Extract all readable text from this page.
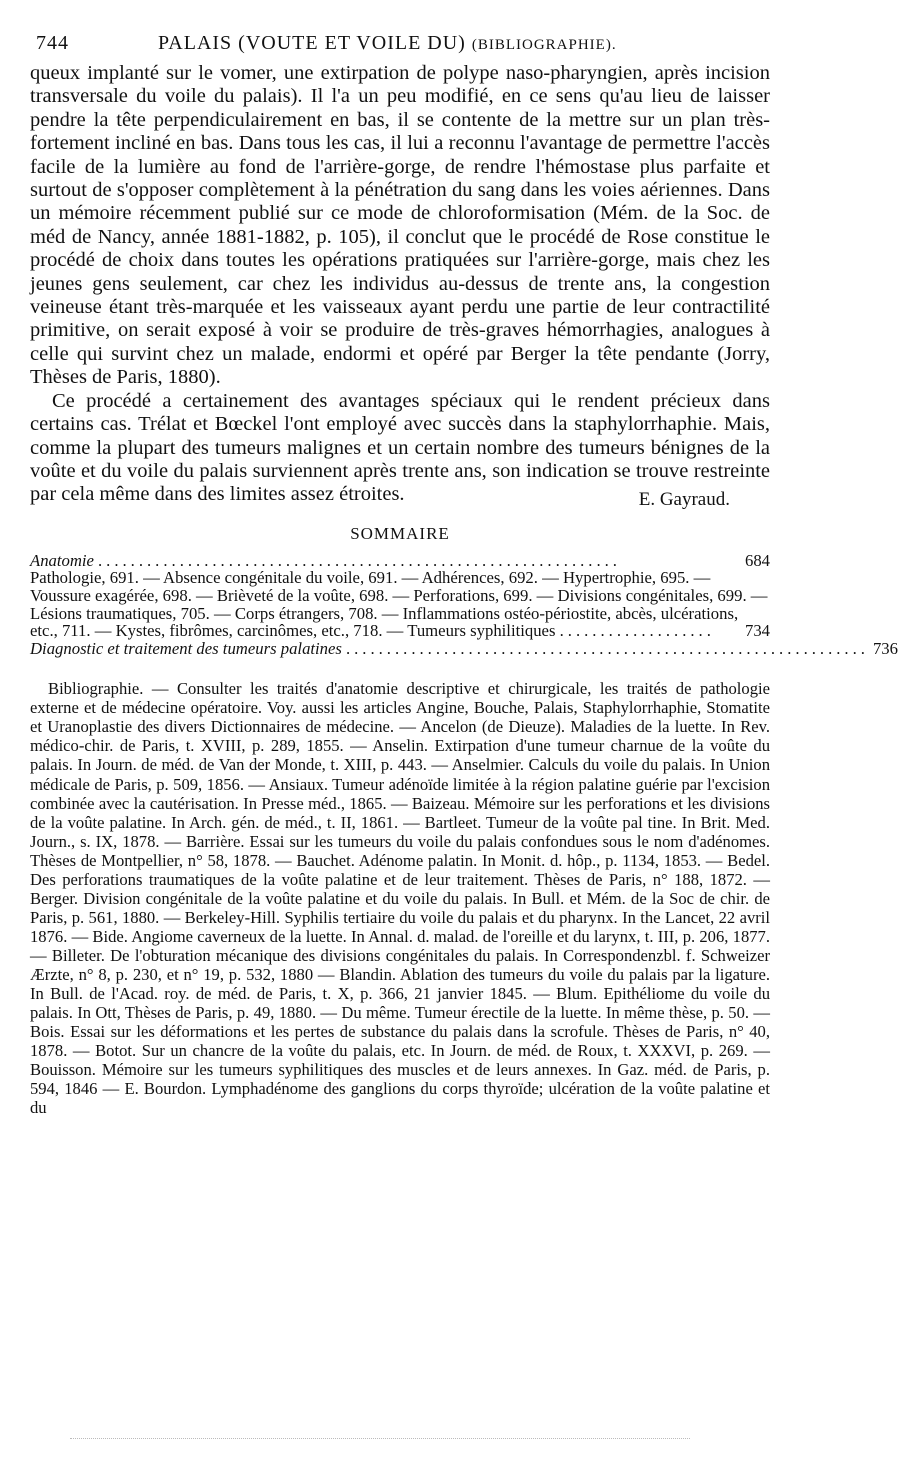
744	PALAIS (VOUTE ET VOILE DU) (BIBLIOGRAPHIE).

queux implanté sur le vomer, une extirpation de polype naso-pharyngien, après incision transversale du voile du palais). Il l'a un peu modifié, en ce sens qu'au lieu de laisser pendre la tête perpendiculairement en bas, il se contente de la mettre sur un plan très-fortement incliné en bas. Dans tous les cas, il lui a reconnu l'avantage de permettre l'accès facile de la lumière au fond de l'arrière-gorge, de rendre l'hémostase plus parfaite et surtout de s'opposer complètement à la pénétration du sang dans les voies aériennes. Dans un mémoire récemment publié sur ce mode de chloroformisation (Mém. de la Soc. de méd de Nancy, année 1881-1882, p. 105), il conclut que le procédé de Rose constitue le procédé de choix dans toutes les opérations pratiquées sur l'arrière-gorge, mais chez les jeunes gens seulement, car chez les individus au-dessus de trente ans, la congestion veineuse étant très-marquée et les vaisseaux ayant perdu une partie de leur contractilité primitive, on serait exposé à voir se produire de très-graves hémorrhagies, analogues à celle qui survint chez un malade, endormi et opéré par Berger la tête pendante (Jorry, Thèses de Paris, 1880).

Ce procédé a certainement des avantages spéciaux qui le rendent précieux dans certains cas. Trélat et Bœckel l'ont employé avec succès dans la staphylorrhaphie. Mais, comme la plupart des tumeurs malignes et un certain nombre des tumeurs bénignes de la voûte et du voile du palais surviennent après trente ans, son indication se trouve restreinte par cela même dans des limites assez étroites.	E. Gayraud.
SOMMAIRE
Anatomie ................................................................	684
Pathologie, 691. — Absence congénitale du voile, 691. — Adhérences, 692. — Hypertrophie, 695. — Voussure exagérée, 698. — Brièveté de la voûte, 698. — Perforations, 699. — Divisions congénitales, 699. — Lésions traumatiques, 705. — Corps étrangers, 708. — Inflammations ostéo-périostite, abcès, ulcérations, etc., 711. — Kystes, fibrômes, carcinômes, etc., 718. — Tumeurs syphilitiques ................... 734
Diagnostic et traitement des tumeurs palatines ................................................................ 736
Bibliographie. — Consulter les traités d'anatomie descriptive et chirurgicale, les traités de pathologie externe et de médecine opératoire. Voy. aussi les articles Angine, Bouche, Palais, Staphylorrhaphie, Stomatite et Uranoplastie des divers Dictionnaires de médecine. — Ancelon (de Dieuze). Maladies de la luette. In Rev. médico-chir. de Paris, t. XVIII, p. 289, 1855. — Anselin. Extirpation d'une tumeur charnue de la voûte du palais. In Journ. de méd. de Van der Monde, t. XIII, p. 443. — Anselmier. Calculs du voile du palais. In Union médicale de Paris, p. 509, 1856. — Ansiaux. Tumeur adénoïde limitée à la région palatine guérie par l'excision combinée avec la cautérisation. In Presse méd., 1865. — Baizeau. Mémoire sur les perforations et les divisions de la voûte palatine. In Arch. gén. de méd., t. II, 1861. — Bartleet. Tumeur de la voûte pal tine. In Brit. Med. Journ., s. IX, 1878. — Barrière. Essai sur les tumeurs du voile du palais confondues sous le nom d'adénomes. Thèses de Montpellier, n° 58, 1878. — Bauchet. Adénome palatin. In Monit. d. hôp., p. 1134, 1853. — Bedel. Des perforations traumatiques de la voûte palatine et de leur traitement. Thèses de Paris, n° 188, 1872. — Berger. Division congénitale de la voûte palatine et du voile du palais. In Bull. et Mém. de la Soc de chir. de Paris, p. 561, 1880. — Berkeley-Hill. Syphilis tertiaire du voile du palais et du pharynx. In the Lancet, 22 avril 1876. — Bide. Angiome caverneux de la luette. In Annal. d. malad. de l'oreille et du larynx, t. III, p. 206, 1877. — Billeter. De l'obturation mécanique des divisions congénitales du palais. In Correspondenzbl. f. Schweizer Ærzte, n° 8, p. 230, et n° 19, p. 532, 1880 — Blandin. Ablation des tumeurs du voile du palais par la ligature. In Bull. de l'Acad. roy. de méd. de Paris, t. X, p. 366, 21 janvier 1845. — Blum. Epithéliome du voile du palais. In Ott, Thèses de Paris, p. 49, 1880. — Du même. Tumeur érectile de la luette. In même thèse, p. 50. — Bois. Essai sur les déformations et les pertes de substance du palais dans la scrofule. Thèses de Paris, n° 40, 1878. — Botot. Sur un chancre de la voûte du palais, etc. In Journ. de méd. de Roux, t. XXXVI, p. 269. — Bouisson. Mémoire sur les tumeurs syphilitiques des muscles et de leurs annexes. In Gaz. méd. de Paris, p. 594, 1846 — E. Bourdon. Lymphadénome des ganglions du corps thyroïde; ulcération de la voûte palatine et du
